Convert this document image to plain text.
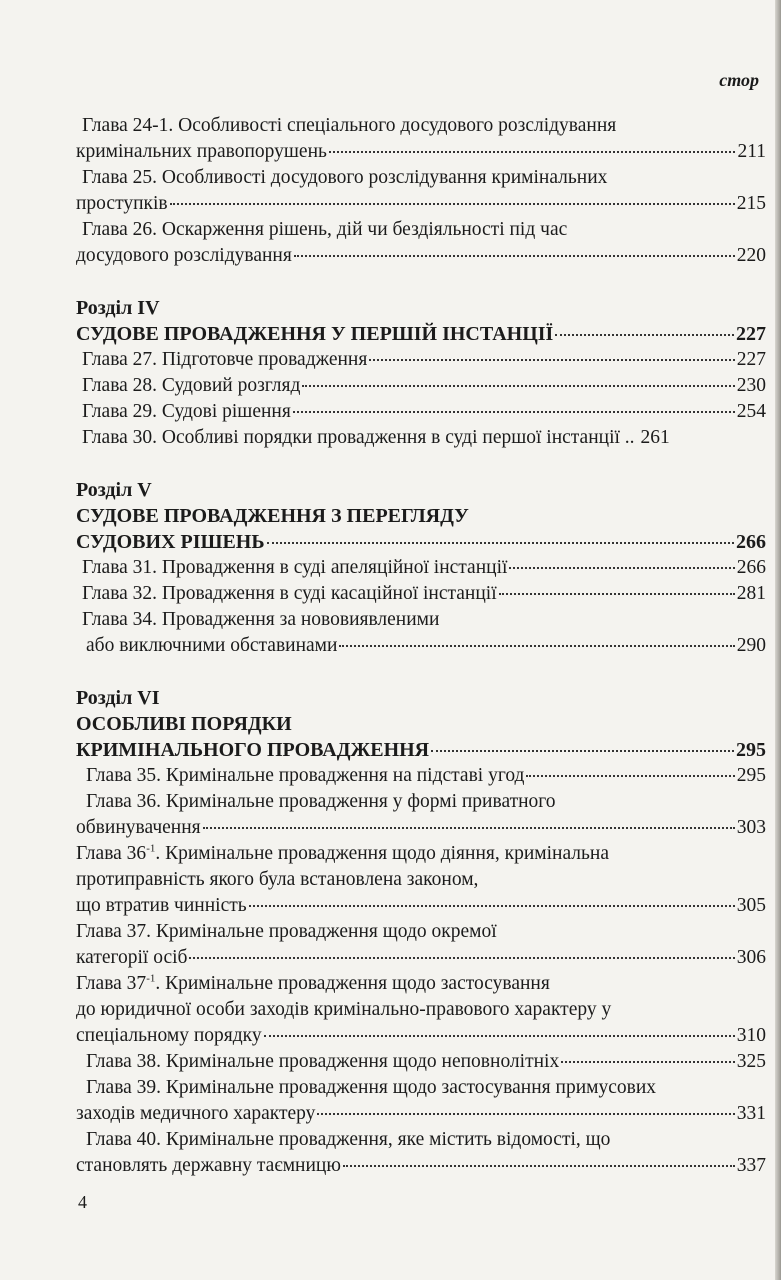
стор
Глава 24-1. Особливості спеціального досудового розслідування
кримінальних правопорушень	211
Глава 25. Особливості досудового розслідування кримінальних
проступків	215
Глава 26. Оскарження рішень, дій чи бездіяльності під час
досудового розслідування	220
Розділ IV
СУДОВЕ ПРОВАДЖЕННЯ У ПЕРШІЙ ІНСТАНЦІЇ	227
Глава 27. Підготовче провадження	227
Глава 28. Судовий розгляд	230
Глава 29. Судові рішення	254
Глава 30. Особливі порядки провадження в суді першої інстанції .. 261
Розділ V
СУДОВЕ ПРОВАДЖЕННЯ З ПЕРЕГЛЯДУ
СУДОВИХ РІШЕНЬ	266
Глава 31. Провадження в суді апеляційної інстанції	266
Глава 32. Провадження в суді касаційної інстанції	281
Глава 34. Провадження за нововиявленими
або виключними обставинами	290
Розділ VI
ОСОБЛИВІ ПОРЯДКИ
КРИМІНАЛЬНОГО ПРОВАДЖЕННЯ	295
Глава 35. Кримінальне провадження на підставі угод	295
Глава 36. Кримінальне провадження у формі приватного
обвинувачення	303
Глава $36^{-1}$. Кримінальне провадження щодо діяння, кримінальна
протиправність якого була встановлена законом,
що втратив чинність	305
Глава 37. Кримінальне провадження щодо окремої
категорії осіб	306
Глава $37^{-1}$. Кримінальне провадження щодо застосування
до юридичної особи заходів кримінально-правового характеру у
спеціальному порядку	310
Глава 38. Кримінальне провадження щодо неповнолітніх	325
Глава 39. Кримінальне провадження щодо застосування примусових
заходів медичного характеру	331
Глава 40. Кримінальне провадження, яке містить відомості, що
становлять державну таємницю	337
4
